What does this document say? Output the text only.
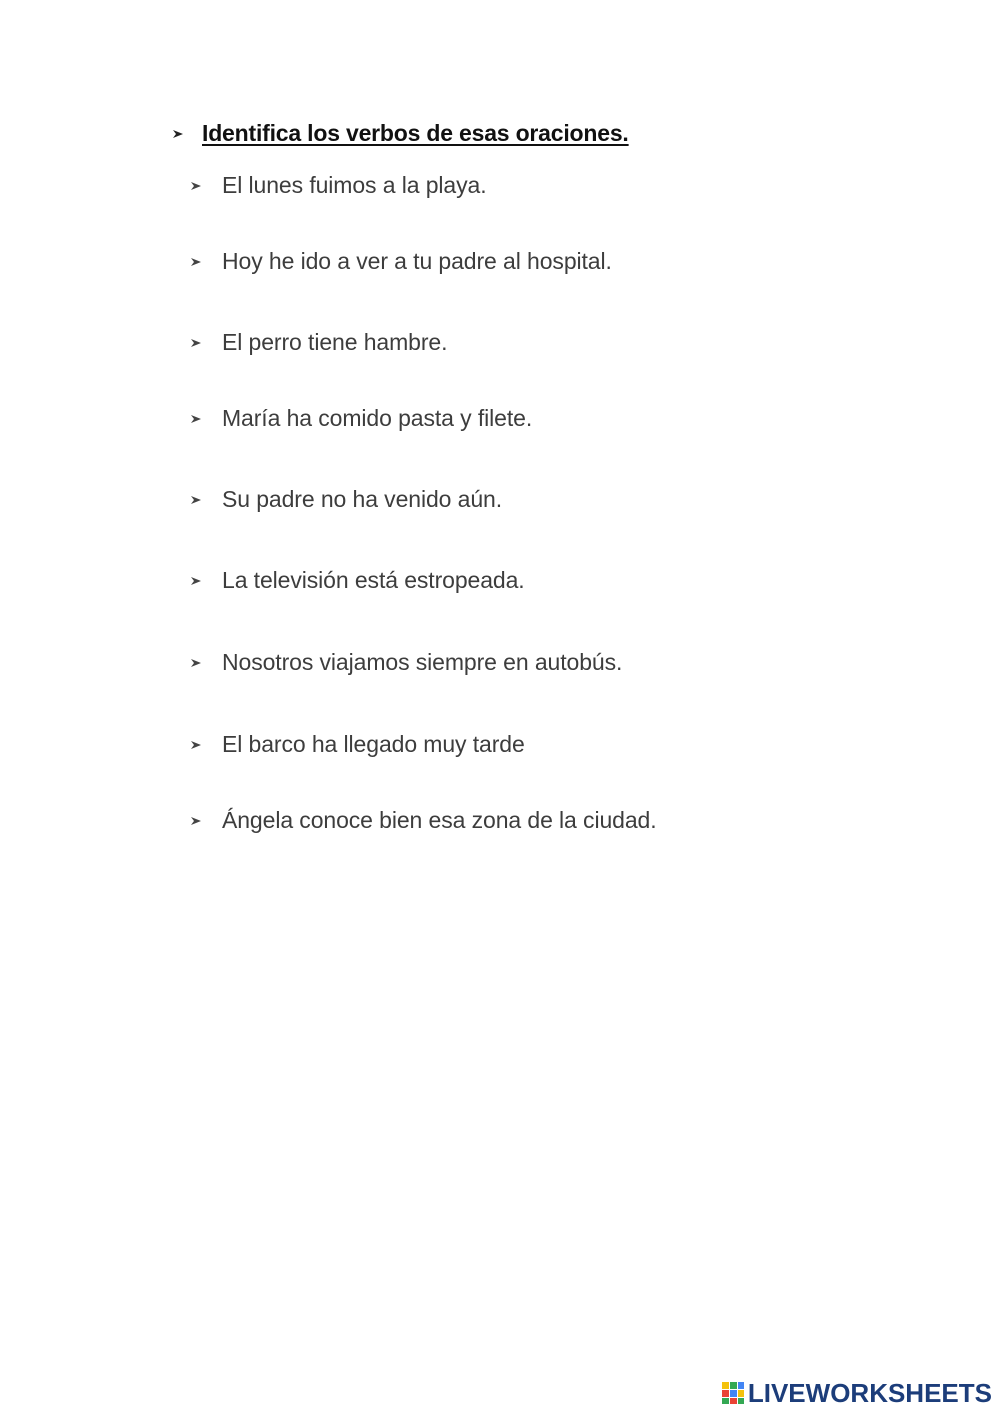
Identifica los verbos de esas oraciones.
El lunes fuimos a la playa.
Hoy he ido a ver a tu padre al hospital.
El perro tiene hambre.
María ha comido pasta y filete.
Su padre no ha venido aún.
La televisión está estropeada.
Nosotros viajamos siempre en autobús.
El barco ha llegado muy tarde
Ángela conoce bien esa zona de la ciudad.
LIVEWORKSHEETS
